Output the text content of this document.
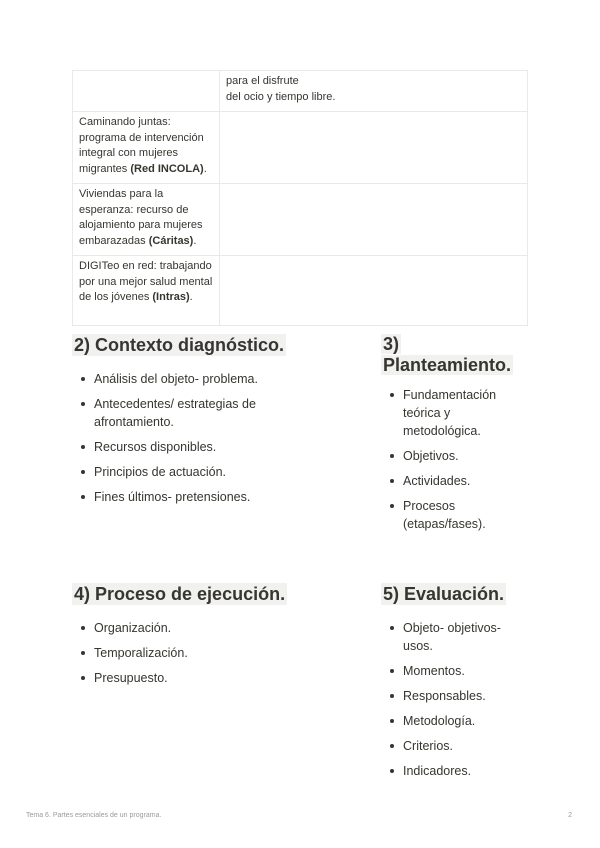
	para el disfrute
del ocio y tiempo libre.

Caminando juntas: programa de intervención integral con mujeres migrantes (Red INCOLA).	
Viviendas para la esperanza: recurso de alojamiento para mujeres embarazadas (Cáritas).	
DIGITeo en red: trabajando por una mejor salud mental de los jóvenes (Intras).	
2) Contexto diagnóstico.
Análisis del objeto- problema.
Antecedentes/ estrategias de afrontamiento.
Recursos disponibles.
Principios de actuación.
Fines últimos- pretensiones.
3)
Planteamiento.
Fundamentación teórica y metodológica.
Objetivos.
Actividades.
Procesos (etapas/fases).
4) Proceso de ejecución.
Organización.
Temporalización.
Presupuesto.
5) Evaluación.
Objeto- objetivos- usos.
Momentos.
Responsables.
Metodología.
Criterios.
Indicadores.
Tema 6. Partes esenciales de un programa.	2
